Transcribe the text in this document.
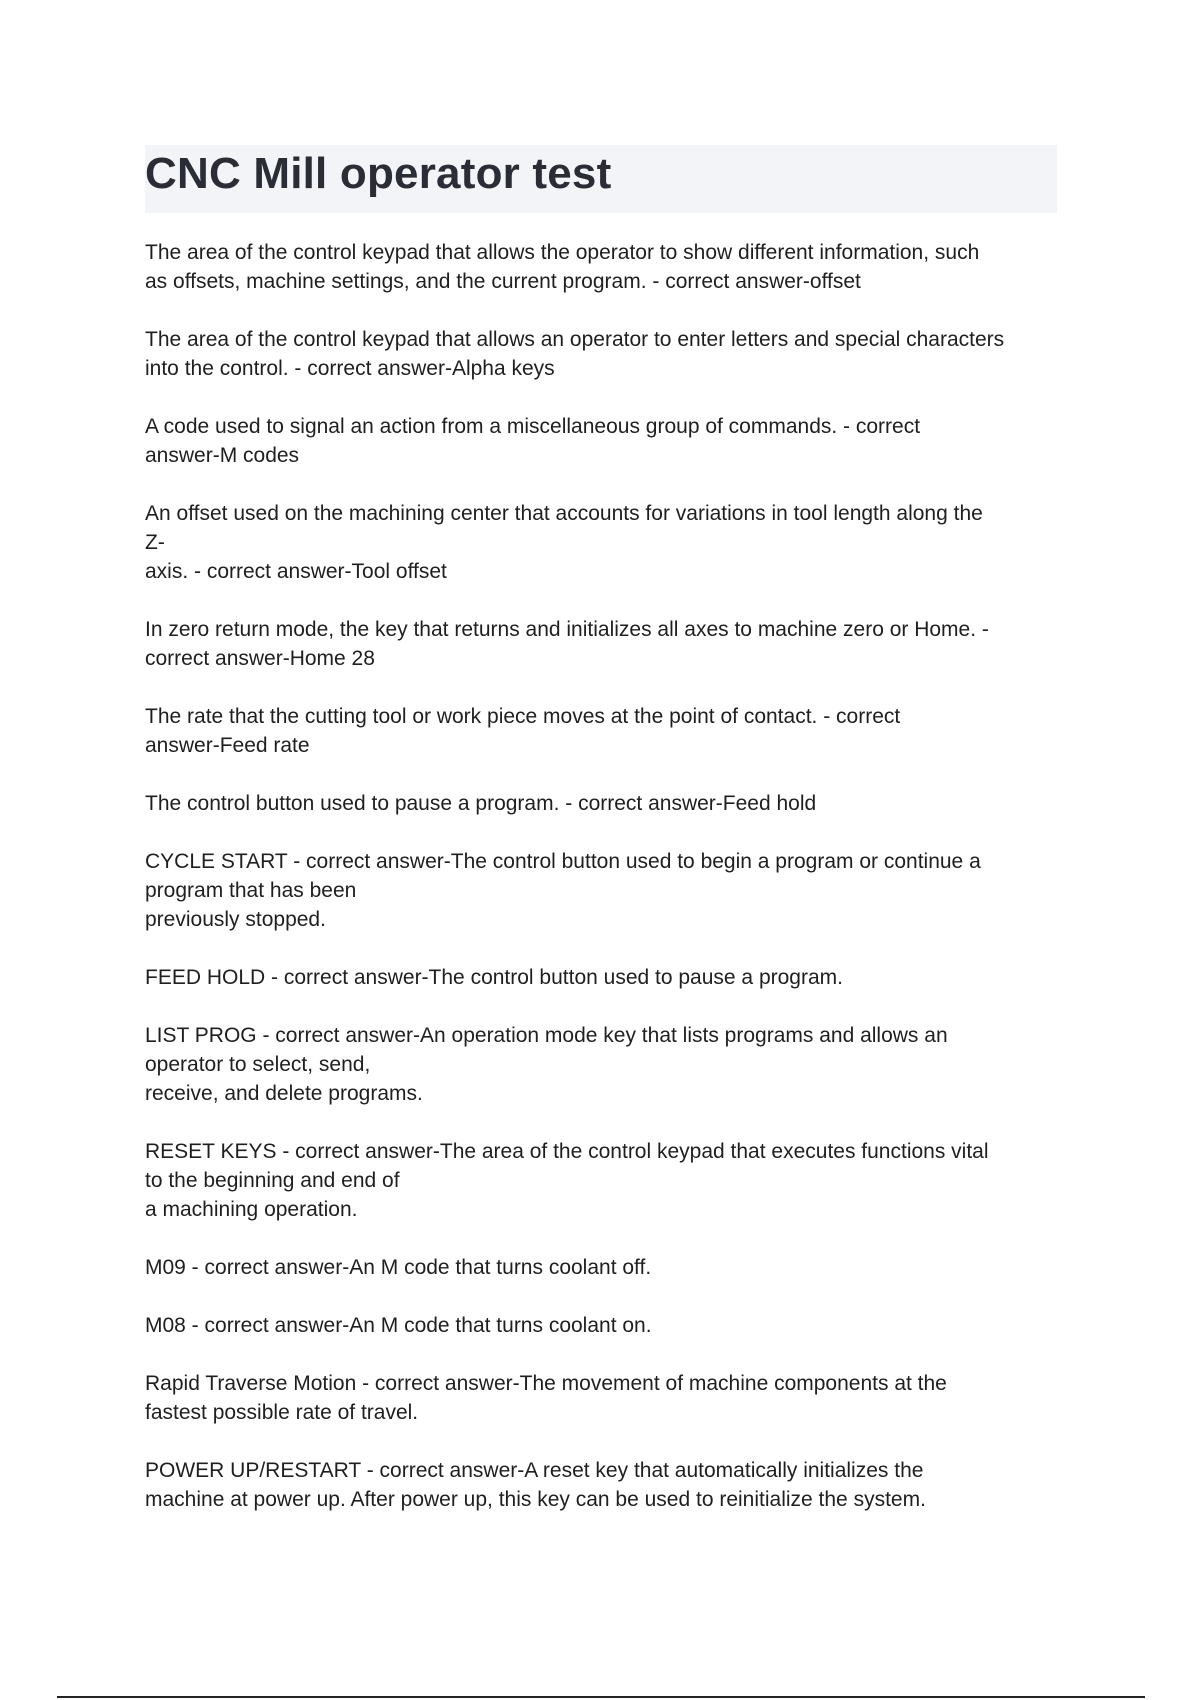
CNC Mill operator test
The area of the control keypad that allows the operator to show different information, such
as offsets, machine settings, and the current program. - correct answer-offset
The area of the control keypad that allows an operator to enter letters and special characters
into the control. - correct answer-Alpha keys
A code used to signal an action from a miscellaneous group of commands. - correct
answer-M codes
An offset used on the machining center that accounts for variations in tool length along the
Z-
axis. - correct answer-Tool offset
In zero return mode, the key that returns and initializes all axes to machine zero or Home. -
correct answer-Home 28
The rate that the cutting tool or work piece moves at the point of contact. - correct
answer-Feed rate
The control button used to pause a program. - correct answer-Feed hold
CYCLE START - correct answer-The control button used to begin a program or continue a
program that has been
previously stopped.
FEED HOLD - correct answer-The control button used to pause a program.
LIST PROG - correct answer-An operation mode key that lists programs and allows an
operator to select, send,
receive, and delete programs.
RESET KEYS - correct answer-The area of the control keypad that executes functions vital
to the beginning and end of
a machining operation.
M09 - correct answer-An M code that turns coolant off.
M08 - correct answer-An M code that turns coolant on.
Rapid Traverse Motion - correct answer-The movement of machine components at the
fastest possible rate of travel.
POWER UP/RESTART - correct answer-A reset key that automatically initializes the
machine at power up. After power up, this key can be used to reinitialize the system.
